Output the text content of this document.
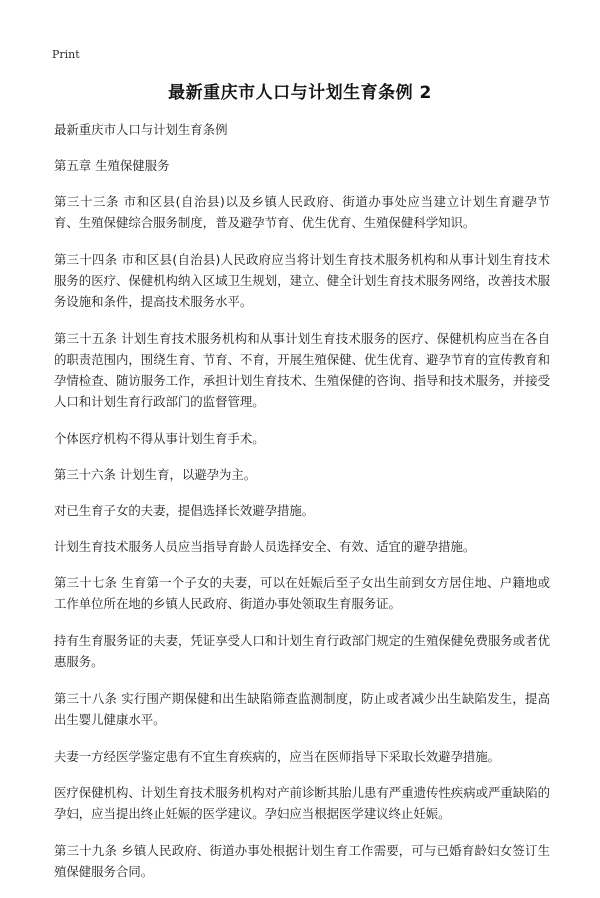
Print
最新重庆市人口与计划生育条例 2

最新重庆市人口与计划生育条例

第五章 生殖保健服务

第三十三条 市和区县(自治县)以及乡镇人民政府、街道办事处应当建立计划生育避孕节育、生殖保健综合服务制度，普及避孕节育、优生优育、生殖保健科学知识。

第三十四条 市和区县(自治县)人民政府应当将计划生育技术服务机构和从事计划生育技术服务的医疗、保健机构纳入区域卫生规划，建立、健全计划生育技术服务网络，改善技术服务设施和条件，提高技术服务水平。

第三十五条 计划生育技术服务机构和从事计划生育技术服务的医疗、保健机构应当在各自的职责范围内，围绕生育、节育、不育，开展生殖保健、优生优育、避孕节育的宣传教育和孕情检查、随访服务工作，承担计划生育技术、生殖保健的咨询、指导和技术服务，并接受人口和计划生育行政部门的监督管理。

个体医疗机构不得从事计划生育手术。

第三十六条 计划生育，以避孕为主。

对已生育子女的夫妻，提倡选择长效避孕措施。

计划生育技术服务人员应当指导育龄人员选择安全、有效、适宜的避孕措施。

第三十七条 生育第一个子女的夫妻，可以在妊娠后至子女出生前到女方居住地、户籍地或工作单位所在地的乡镇人民政府、街道办事处领取生育服务证。

持有生育服务证的夫妻，凭证享受人口和计划生育行政部门规定的生殖保健免费服务或者优惠服务。

第三十八条 实行围产期保健和出生缺陷筛查监测制度，防止或者减少出生缺陷发生，提高出生婴儿健康水平。

夫妻一方经医学鉴定患有不宜生育疾病的，应当在医师指导下采取长效避孕措施。

医疗保健机构、计划生育技术服务机构对产前诊断其胎儿患有严重遗传性疾病或严重缺陷的孕妇，应当提出终止妊娠的医学建议。孕妇应当根据医学建议终止妊娠。

第三十九条 乡镇人民政府、街道办事处根据计划生育工作需要，可与已婚育龄妇女签订生殖保健服务合同。
